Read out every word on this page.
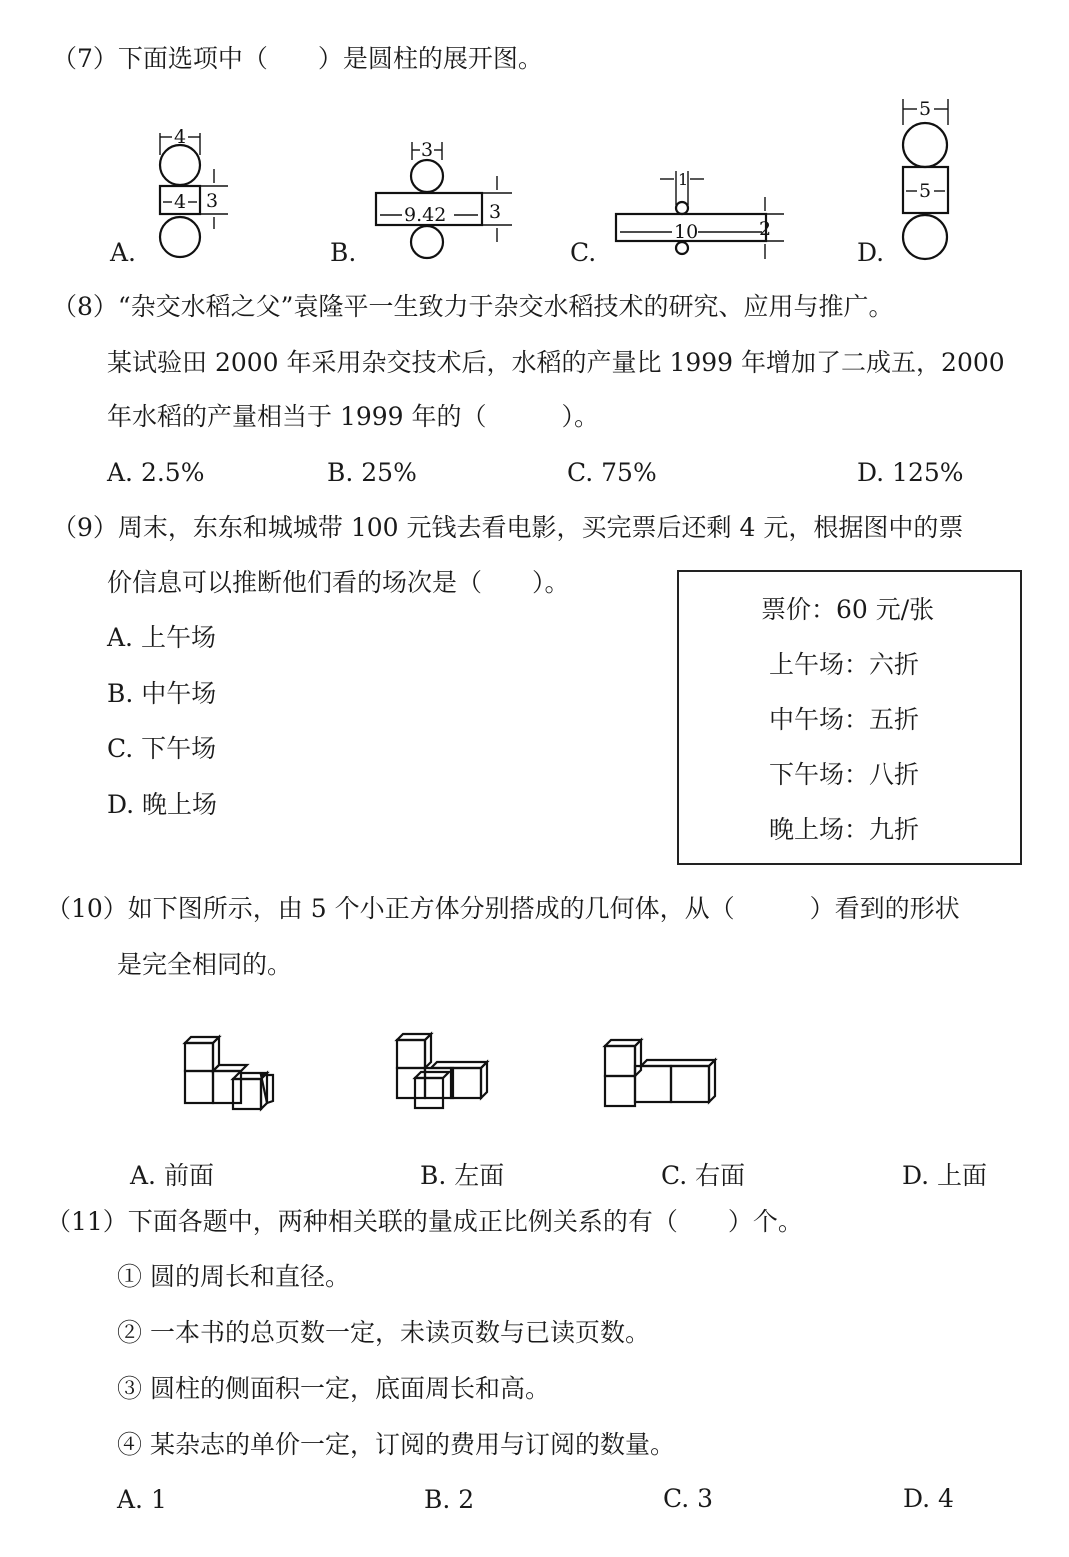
（7）下面选项中（　　）是圆柱的展开图。
A.
4
4 3
B.
3
9.42 3
C.
1
10	2
D.
5
5
（8）“杂交水稻之父”袁隆平一生致力于杂交水稻技术的研究、应用与推广。
某试验田 2000 年采用杂交技术后，水稻的产量比 1999 年增加了二成五，2000
年水稻的产量相当于 1999 年的（　　　）。
A. 2.5%	B. 25%	C. 75%	D. 125%
（9）周末，东东和城城带 100 元钱去看电影，买完票后还剩 4 元，根据图中的票
价信息可以推断他们看的场次是（　　）。
A. 上午场
B. 中午场
C. 下午场
D. 晚上场
票价：60 元/张
上午场：六折
中午场：五折
下午场：八折
晚上场：九折
（10）如下图所示，由 5 个小正方体分别搭成的几何体，从（　　　）看到的形状
是完全相同的。
A. 前面	B. 左面	C. 右面	D. 上面
（11）下面各题中，两种相关联的量成正比例关系的有（　　）个。
① 圆的周长和直径。
② 一本书的总页数一定，未读页数与已读页数。
③ 圆柱的侧面积一定，底面周长和高。
④ 某杂志的单价一定，订阅的费用与订阅的数量。
A. 1	B. 2	C. 3	D. 4
